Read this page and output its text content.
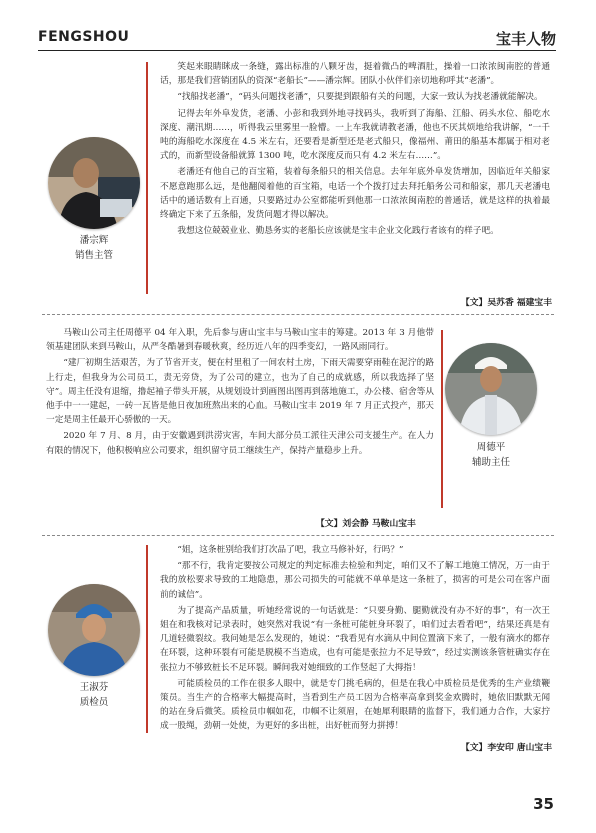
FENGSHOU	宝丰人物
潘宗辉
销售主管

笑起来眼睛眯成一条缝，露出标准的八颗牙齿，挺着微凸的啤酒肚，操着一口浓浓闽南腔的普通话，那是我们营销团队的资深“老船长”——潘宗辉。团队小伙伴们亲切地称呼其“老潘”。

“找船找老潘”，“码头问题找老潘”，只要提到跟船有关的问题，大家一致认为找老潘就能解决。

记得去年外阜发货，老潘、小彭和我到外地寻找码头，我听到了海船、江船、码头水位、船吃水深度、潮汛期……，听得我云里雾里一脸懵。一上车我就请教老潘，他也不厌其烦地给我讲解，“一千吨的海船吃水深度在 4.5 米左右，还要看是新型还是老式船只，像福州、莆田的船基本都属于相对老式的，而新型设备船就算 1300 吨，吃水深度反而只有 4.2 米左右……”。

老潘还有他自己的百宝箱，装着每条船只的相关信息。去年年底外阜发货增加，因临近年关船家不愿意跑那么远，是他翻阅着他的百宝箱，电话一个个拨打过去拜托船务公司和船家，那几天老潘电话中的通话数有上百通，只要路过办公室都能听到他那一口浓浓闽南腔的普通话，就是这样的执着最终确定下来了五条船，发货问题才得以解决。

我想这位兢兢业业、勤恳务实的老船长应该就是宝丰企业文化践行者该有的样子吧。

【文】吴苏香 福建宝丰

马鞍山公司主任周德平 04 年入职，先后参与唐山宝丰与马鞍山宝丰的筹建。2013 年 3 月他带领基建团队来到马鞍山，从严冬酷暑到春暖秋爽，经历近八年的四季变幻，一路风雨同行。

“建厂初期生活艰苦，为了节省开支，便在村里租了一间农村土房，下雨天需要穿雨鞋在泥泞的路上行走，但我身为公司员工，责无旁贷，为了公司的建立，也为了自己的成就感，所以我选择了坚守”。周主任没有退缩，撸起袖子带头开展，从规划设计到画图出图再到落地施工，办公楼、宿舍等从他手中一一建起，一砖一瓦皆是他日夜加班熬出来的心血。马鞍山宝丰 2019 年 7 月正式投产，那天一定是周主任最开心骄傲的一天。

2020 年 7 月、8 月，由于安徽遇到洪涝灾害，车间大部分员工派往天津公司支援生产。在人力有限的情况下，他积极响应公司要求，组织留守员工继续生产，保持产量稳步上升。	周德平
辅助主任
【文】刘会静 马鞍山宝丰
王淑芬
质检员

“姐，这条桩别给我们打次品了吧，我立马修补好，行吗？”

“那不行，我肯定要按公司规定的判定标准去检验和判定，咱们又不了解工地施工情况，万一由于我的放松要求导致的工地隐患，那公司损失的可能就不单单是这一条桩了，损害的可是公司在客户面前的诚信”。

为了提高产品质量，听她经常说的一句话就是：“只要身勤、腿勤就没有办不好的事”，有一次王姐在和我核对记录表时，她突然对我说“有一条桩可能桩身环裂了，咱们过去看看吧”，结果还真是有几道轻微裂纹。我问她是怎么发现的，她说：“我看见有水滴从中间位置滴下来了，一般有滴水的都存在环裂，这种环裂有可能是脱模不当造成，也有可能是张拉力不足导致”，经过实测该条管桩确实存在张拉力不够致桩长不足环裂。瞬间我对她细致的工作竖起了大拇指！

可能质检员的工作在很多人眼中，就是专门挑毛病的，但是在我心中质检员是优秀的生产业绩鞭策员。当生产的合格率大幅提高时，当看到生产员工因为合格率高拿到奖金欢腾时，她依旧默默无闻的站在身后微笑。质检员巾帼如花，巾帼不让须眉，在她犀利眼睛的监督下，我们通力合作，大家拧成一股绳，劲朝一处使，为更好的多出桩，出好桩而努力拼搏！

【文】李安印 唐山宝丰
35
